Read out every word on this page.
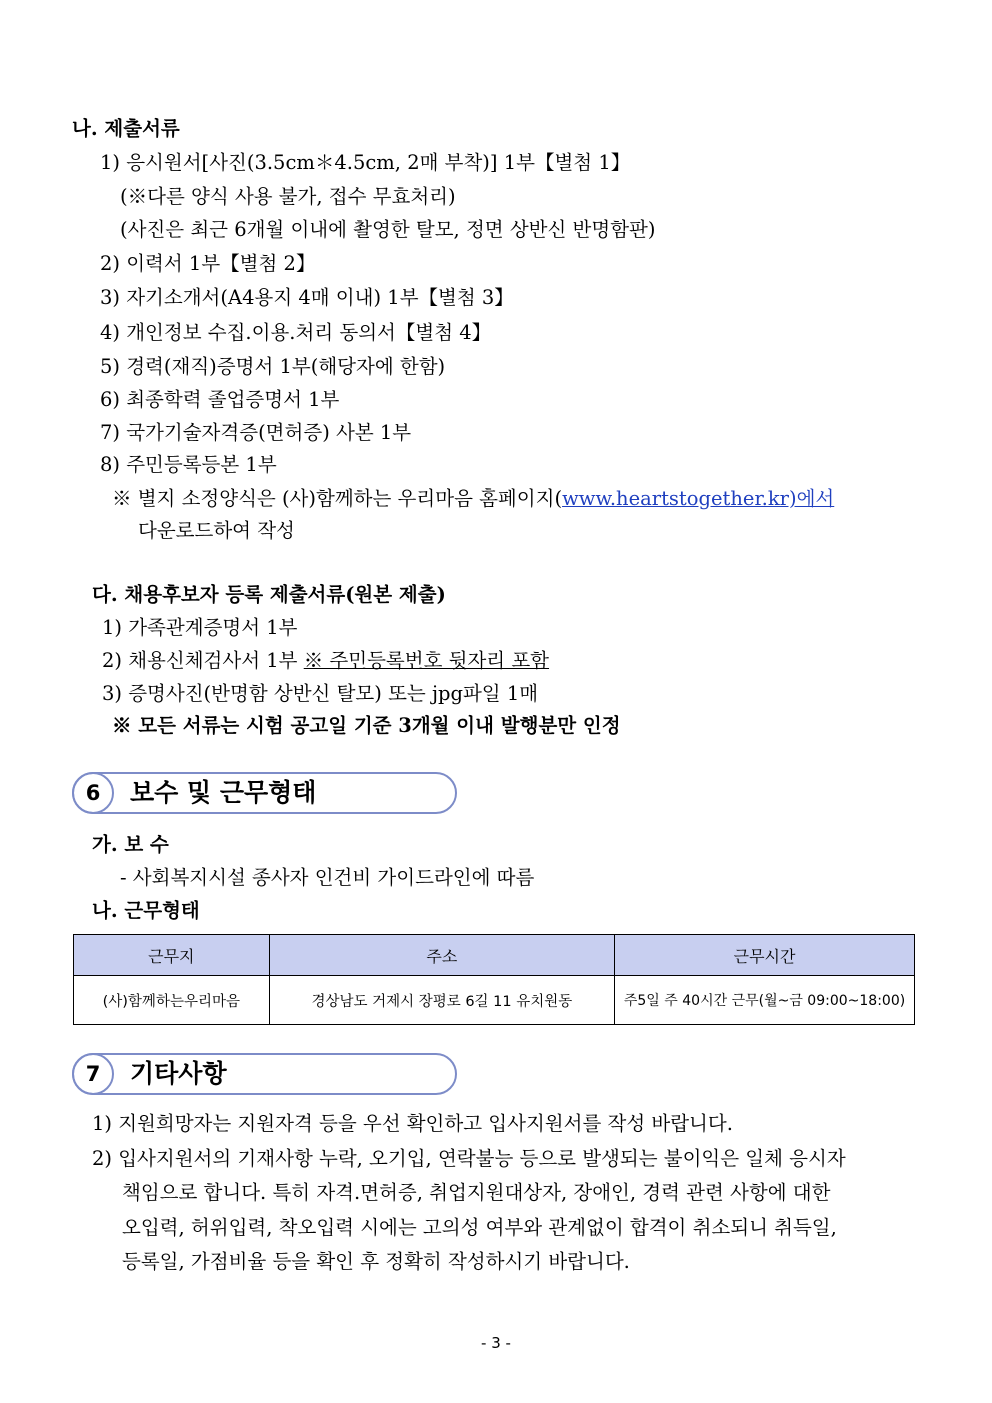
나. 제출서류
1) 응시원서[사진(3.5cm＊4.5cm, 2매 부착)] 1부【별첨 1】
(※다른 양식 사용 불가, 접수 무효처리)
(사진은 최근 6개월 이내에 촬영한 탈모, 정면 상반신 반명함판)
2) 이력서 1부【별첨 2】
3) 자기소개서(A4용지 4매 이내) 1부【별첨 3】
4) 개인정보 수집.이용.처리 동의서【별첨 4】
5) 경력(재직)증명서 1부(해당자에 한함)
6) 최종학력 졸업증명서 1부
7) 국가기술자격증(면허증) 사본 1부
8) 주민등록등본 1부
※ 별지 소정양식은 (사)함께하는 우리마음 홈페이지(www.heartstogether.kr)에서
다운로드하여 작성
다. 채용후보자 등록 제출서류(원본 제출)
1) 가족관계증명서 1부
2) 채용신체검사서 1부 ※ 주민등록번호 뒷자리 포함
3) 증명사진(반명함 상반신 탈모) 또는 jpg파일 1매
※ 모든 서류는 시험 공고일 기준 3개월 이내 발행분만 인정
6	보수 및 근무형태
가. 보 수
- 사회복지시설 종사자 인건비 가이드라인에 따름
나. 근무형태
근무지	주소	근무시간
(사)함께하는우리마음	경상남도 거제시 장평로 6길 11 유치원동	주5일 주 40시간 근무(월~금 09:00~18:00)
7	기타사항
1) 지원희망자는 지원자격 등을 우선 확인하고 입사지원서를 작성 바랍니다.
2) 입사지원서의 기재사항 누락, 오기입, 연락불능 등으로 발생되는 불이익은 일체 응시자
책임으로 합니다. 특히 자격.면허증, 취업지원대상자, 장애인, 경력 관련 사항에 대한
오입력, 허위입력, 착오입력 시에는 고의성 여부와 관계없이 합격이 취소되니 취득일,
등록일, 가점비율 등을 확인 후 정확히 작성하시기 바랍니다.
- 3 -
